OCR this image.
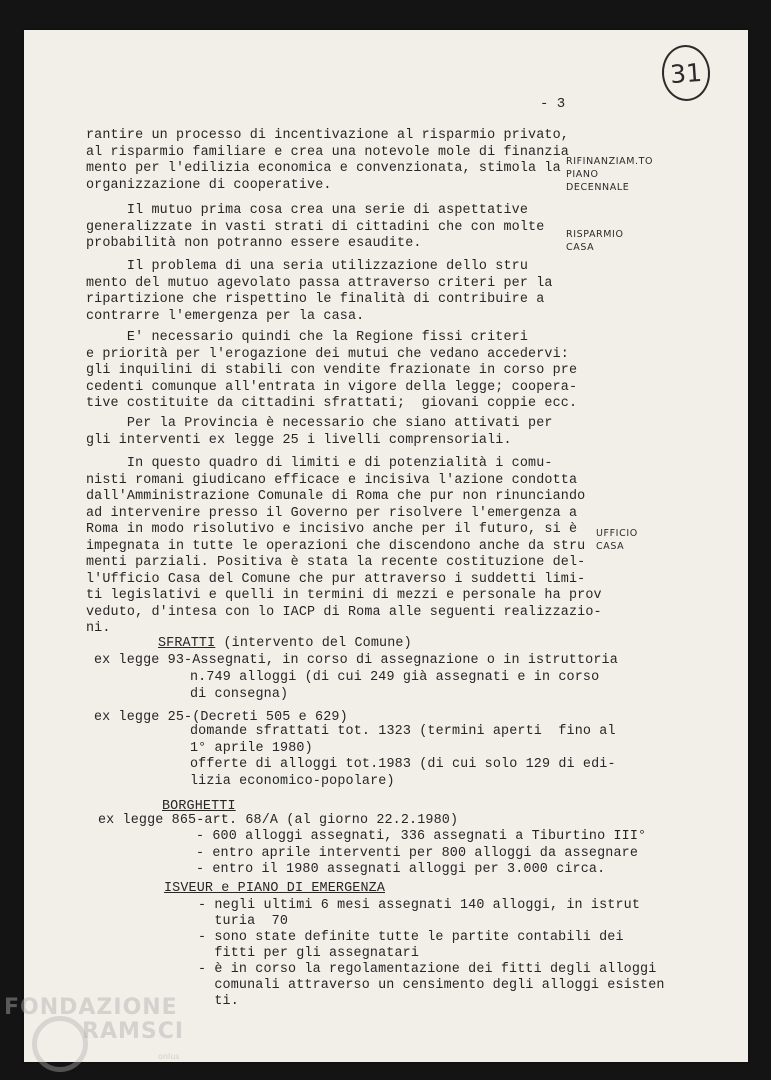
31
- 3
rantire un processo di incentivazione al risparmio privato,
al risparmio familiare e crea una notevole mole di finanzia
mento per l'edilizia economica e convenzionata, stimola la
organizzazione di cooperative.
Il mutuo prima cosa crea una serie di aspettative
generalizzate in vasti strati di cittadini che con molte
probabilità non potranno essere esaudite.
Il problema di una seria utilizzazione dello stru
mento del mutuo agevolato passa attraverso criteri per la
ripartizione che rispettino le finalità di contribuire a
contrarre l'emergenza per la casa.
E' necessario quindi che la Regione fissi criteri
e priorità per l'erogazione dei mutui che vedano accedervi:
gli inquilini di stabili con vendite frazionate in corso pre
cedenti comunque all'entrata in vigore della legge; coopera-
tive costituite da cittadini sfrattati;  giovani coppie ecc.
Per la Provincia è necessario che siano attivati per
gli interventi ex legge 25 i livelli comprensoriali.
In questo quadro di limiti e di potenzialità i comu-
nisti romani giudicano efficace e incisiva l'azione condotta
dall'Amministrazione Comunale di Roma che pur non rinunciando
ad intervenire presso il Governo per risolvere l'emergenza a
Roma in modo risolutivo e incisivo anche per il futuro, si è
impegnata in tutte le operazioni che discendono anche da stru
menti parziali. Positiva è stata la recente costituzione del-
l'Ufficio Casa del Comune che pur attraverso i suddetti limi-
ti legislativi e quelli in termini di mezzi e personale ha prov
veduto, d'intesa con lo IACP di Roma alle seguenti realizzazio-
ni.
SFRATTI (intervento del Comune)
ex legge 93-Assegnati, in corso di assegnazione o in istruttoria
n.749 alloggi (di cui 249 già assegnati e in corso
di consegna)
ex legge 25-(Decreti 505 e 629)
domande sfrattati tot. 1323 (termini aperti  fino al
1° aprile 1980)
offerte di alloggi tot.1983 (di cui solo 129 di edi-
lizia economico-popolare)
BORGHETTI
ex legge 865-art. 68/A (al giorno 22.2.1980)
- 600 alloggi assegnati, 336 assegnati a Tiburtino III°
- entro aprile interventi per 800 alloggi da assegnare
- entro il 1980 assegnati alloggi per 3.000 circa.
ISVEUR e PIANO DI EMERGENZA
- negli ultimi 6 mesi assegnati 140 alloggi, in istrut
turia  70
- sono state definite tutte le partite contabili dei
fitti per gli assegnatari
- è in corso la regolamentazione dei fitti degli alloggi
comunali attraverso un censimento degli alloggi esisten
ti.
RIFINANZIAM.TO
PIANO
DECENNALE
RISPARMIO
CASA
UFFICIO
CASA
FONDAZIONE
RAMSCI
onlus
